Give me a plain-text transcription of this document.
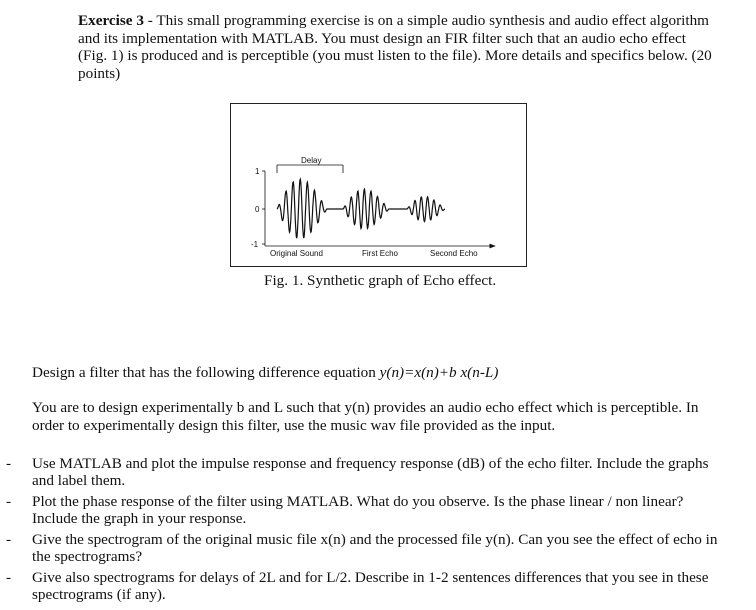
Exercise 3 - This small programming exercise is on a simple audio synthesis and audio effect algorithm and its implementation with MATLAB. You must design an FIR filter such that an audio echo effect (Fig. 1) is produced and is perceptible (you must listen to the file). More details and specifics below. (20 points)
1
0
-1
Delay
Original Sound	First Echo	Second Echo
Fig. 1. Synthetic graph of Echo effect.
Design a filter that has the following difference equation y(n)=x(n)+b x(n-L)
You are to design experimentally b and L such that y(n) provides an audio echo effect which is perceptible. In order to experimentally design this filter, use the music wav file provided as the input.
- Use MATLAB and plot the impulse response and frequency response (dB) of the echo filter. Include the graphs and label them.
- Plot the phase response of the filter using MATLAB. What do you observe. Is the phase linear / non linear? Include the graph in your response.
- Give the spectrogram of the original music file x(n) and the processed file y(n). Can you see the effect of echo in the spectrograms?
- Give also spectrograms for delays of 2L and for L/2. Describe in 1-2 sentences differences that you see in these spectrograms (if any).
